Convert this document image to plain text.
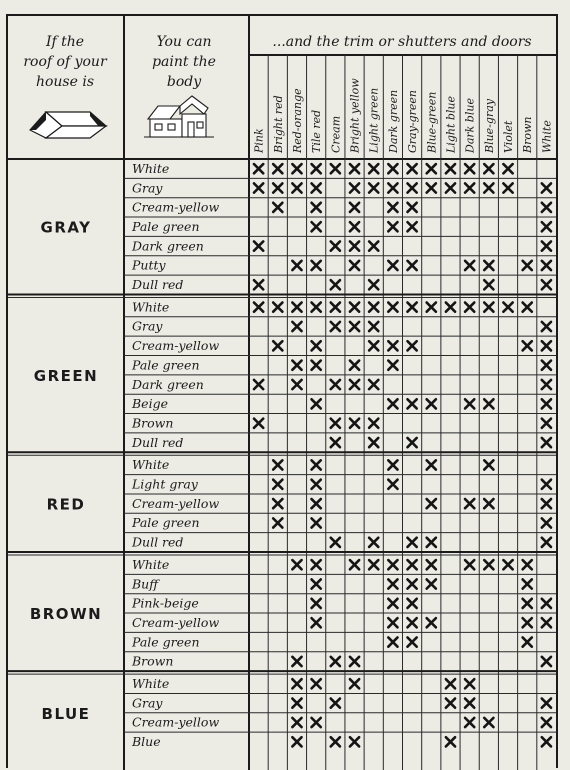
If the
roof of your
house is
You can
paint the
body
...and the trim or shutters and doors
Pink Bright red Red-orange Tile red Cream Bright yellow Light green Dark green Gray-green Blue-green Light blue Dark blue Blue-gray Violet Brown White
GRAY
GREEN
RED
BROWN
BLUE
White
Gray
Cream-yellow
Pale green
Dark green
Putty
Dull red
White
Gray
Cream-yellow
Pale green
Dark green
Beige
Brown
Dull red
White
Light gray
Cream-yellow
Pale green
Dull red
White
Buff
Pink-beige
Cream-yellow
Pale green
Brown
White
Gray
Cream-yellow
Blue
